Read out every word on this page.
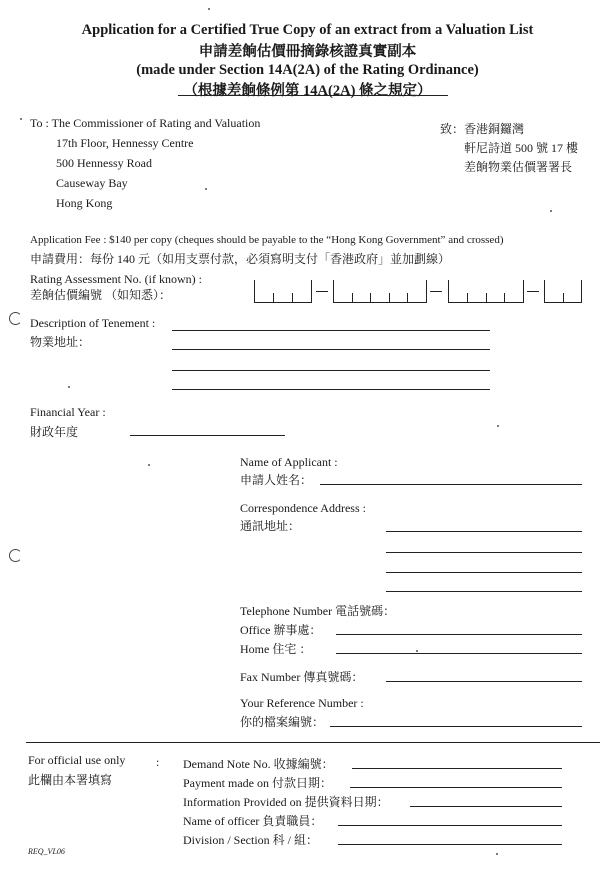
Application for a Certified True Copy of an extract from a Valuation List
申請差餉估價冊摘錄核證真實副本
(made under Section 14A(2A) of the Rating Ordinance)
（根據差餉條例第 14A(2A) 條之規定）
To : The Commissioner of Rating and Valuation
17th Floor, Hennessy Centre
500 Hennessy Road
Causeway Bay
Hong Kong
致：香港銅鑼灣
軒尼詩道 500 號 17 樓
差餉物業估價署署長
Application Fee : $140 per copy (cheques should be payable to the “Hong Kong Government” and crossed)
申請費用：每份 140 元（如用支票付款，必須寫明支付「香港政府」並加劃線）
Rating Assessment No. (if known) :
差餉估價編號 （如知悉）：
Description of Tenement :
物業地址：
Financial Year :
財政年度
Name of Applicant :
申請人姓名：
Correspondence Address :
通訊地址：
Telephone Number 電話號碼：
Office 辦事處：
Home 住宅 ：
Fax Number 傳真號碼：
Your Reference Number :
你的檔案編號：
For official use only
此欄由本署填寫
: Demand Note No. 收據編號：
Payment made on 付款日期：
Information Provided on 提供資料日期：
Name of officer 負責職員：
Division / Section 科 / 組：
REQ_VL06
